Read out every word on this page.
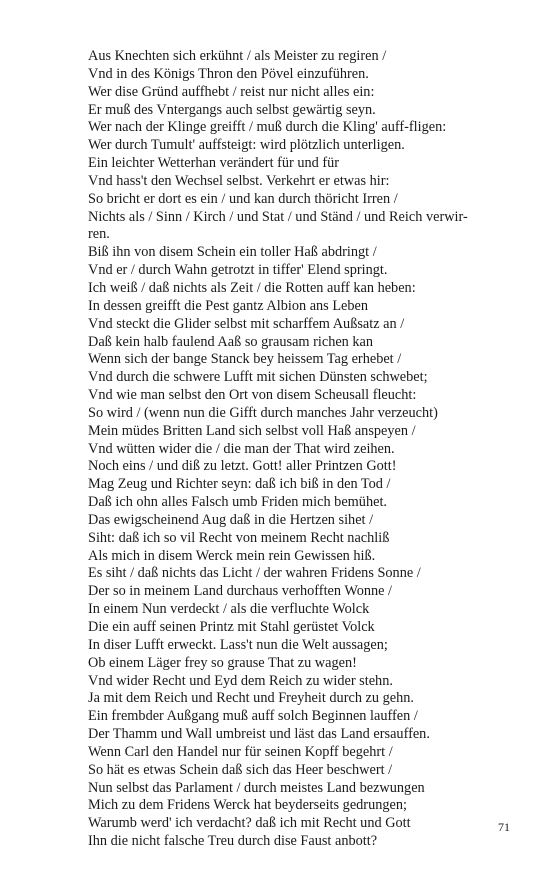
Aus Knechten sich erkühnt / als Meister zu regiren /
Vnd in des Königs Thron den Pövel einzuführen.
Wer dise Gründ auffhebt / reist nur nicht alles ein:
Er muß des Vntergangs auch selbst gewärtig seyn.
Wer nach der Klinge greifft / muß durch die Kling' auff-fligen:
Wer durch Tumult' auffsteigt: wird plötzlich unterligen.
Ein leichter Wetterhan verändert für und für
Vnd hass't den Wechsel selbst. Verkehrt er etwas hir:
So bricht er dort es ein / und kan durch thöricht Irren /
Nichts als / Sinn / Kirch / und Stat / und Ständ / und Reich verwir-
ren.
Biß ihn von disem Schein ein toller Haß abdringt /
Vnd er / durch Wahn getrotzt in tiffer' Elend springt.
Ich weiß / daß nichts als Zeit / die Rotten auff kan heben:
In dessen greifft die Pest gantz Albion ans Leben
Vnd steckt die Glider selbst mit scharffem Außsatz an /
Daß kein halb faulend Aaß so grausam richen kan
Wenn sich der bange Stanck bey heissem Tag erhebet /
Vnd durch die schwere Lufft mit sichen Dünsten schwebet;
Vnd wie man selbst den Ort von disem Scheusall fleucht:
So wird / (wenn nun die Gifft durch manches Jahr verzeucht)
Mein müdes Britten Land sich selbst voll Haß anspeyen /
Vnd wütten wider die / die man der That wird zeihen.
Noch eins / und diß zu letzt. Gott! aller Printzen Gott!
Mag Zeug und Richter seyn: daß ich biß in den Tod /
Daß ich ohn alles Falsch umb Friden mich bemühet.
Das ewigscheinend Aug daß in die Hertzen sihet /
Siht: daß ich so vil Recht von meinem Recht nachliß
Als mich in disem Werck mein rein Gewissen hiß.
Es siht / daß nichts das Licht / der wahren Fridens Sonne /
Der so in meinem Land durchaus verhofften Wonne /
In einem Nun verdeckt / als die verfluchte Wolck
Die ein auff seinen Printz mit Stahl gerüstet Volck
In diser Lufft erweckt. Lass't nun die Welt aussagen;
Ob einem Läger frey so grause That zu wagen!
Vnd wider Recht und Eyd dem Reich zu wider stehn.
Ja mit dem Reich und Recht und Freyheit durch zu gehn.
Ein frembder Außgang muß auff solch Beginnen lauffen /
Der Thamm und Wall umbreist und läst das Land ersauffen.
Wenn Carl den Handel nur für seinen Kopff begehrt /
So hät es etwas Schein daß sich das Heer beschwert /
Nun selbst das Parlament / durch meistes Land bezwungen
Mich zu dem Fridens Werck hat beyderseits gedrungen;
Warumb werd' ich verdacht? daß ich mit Recht und Gott
Ihn die nicht falsche Treu durch dise Faust anbott?
71
